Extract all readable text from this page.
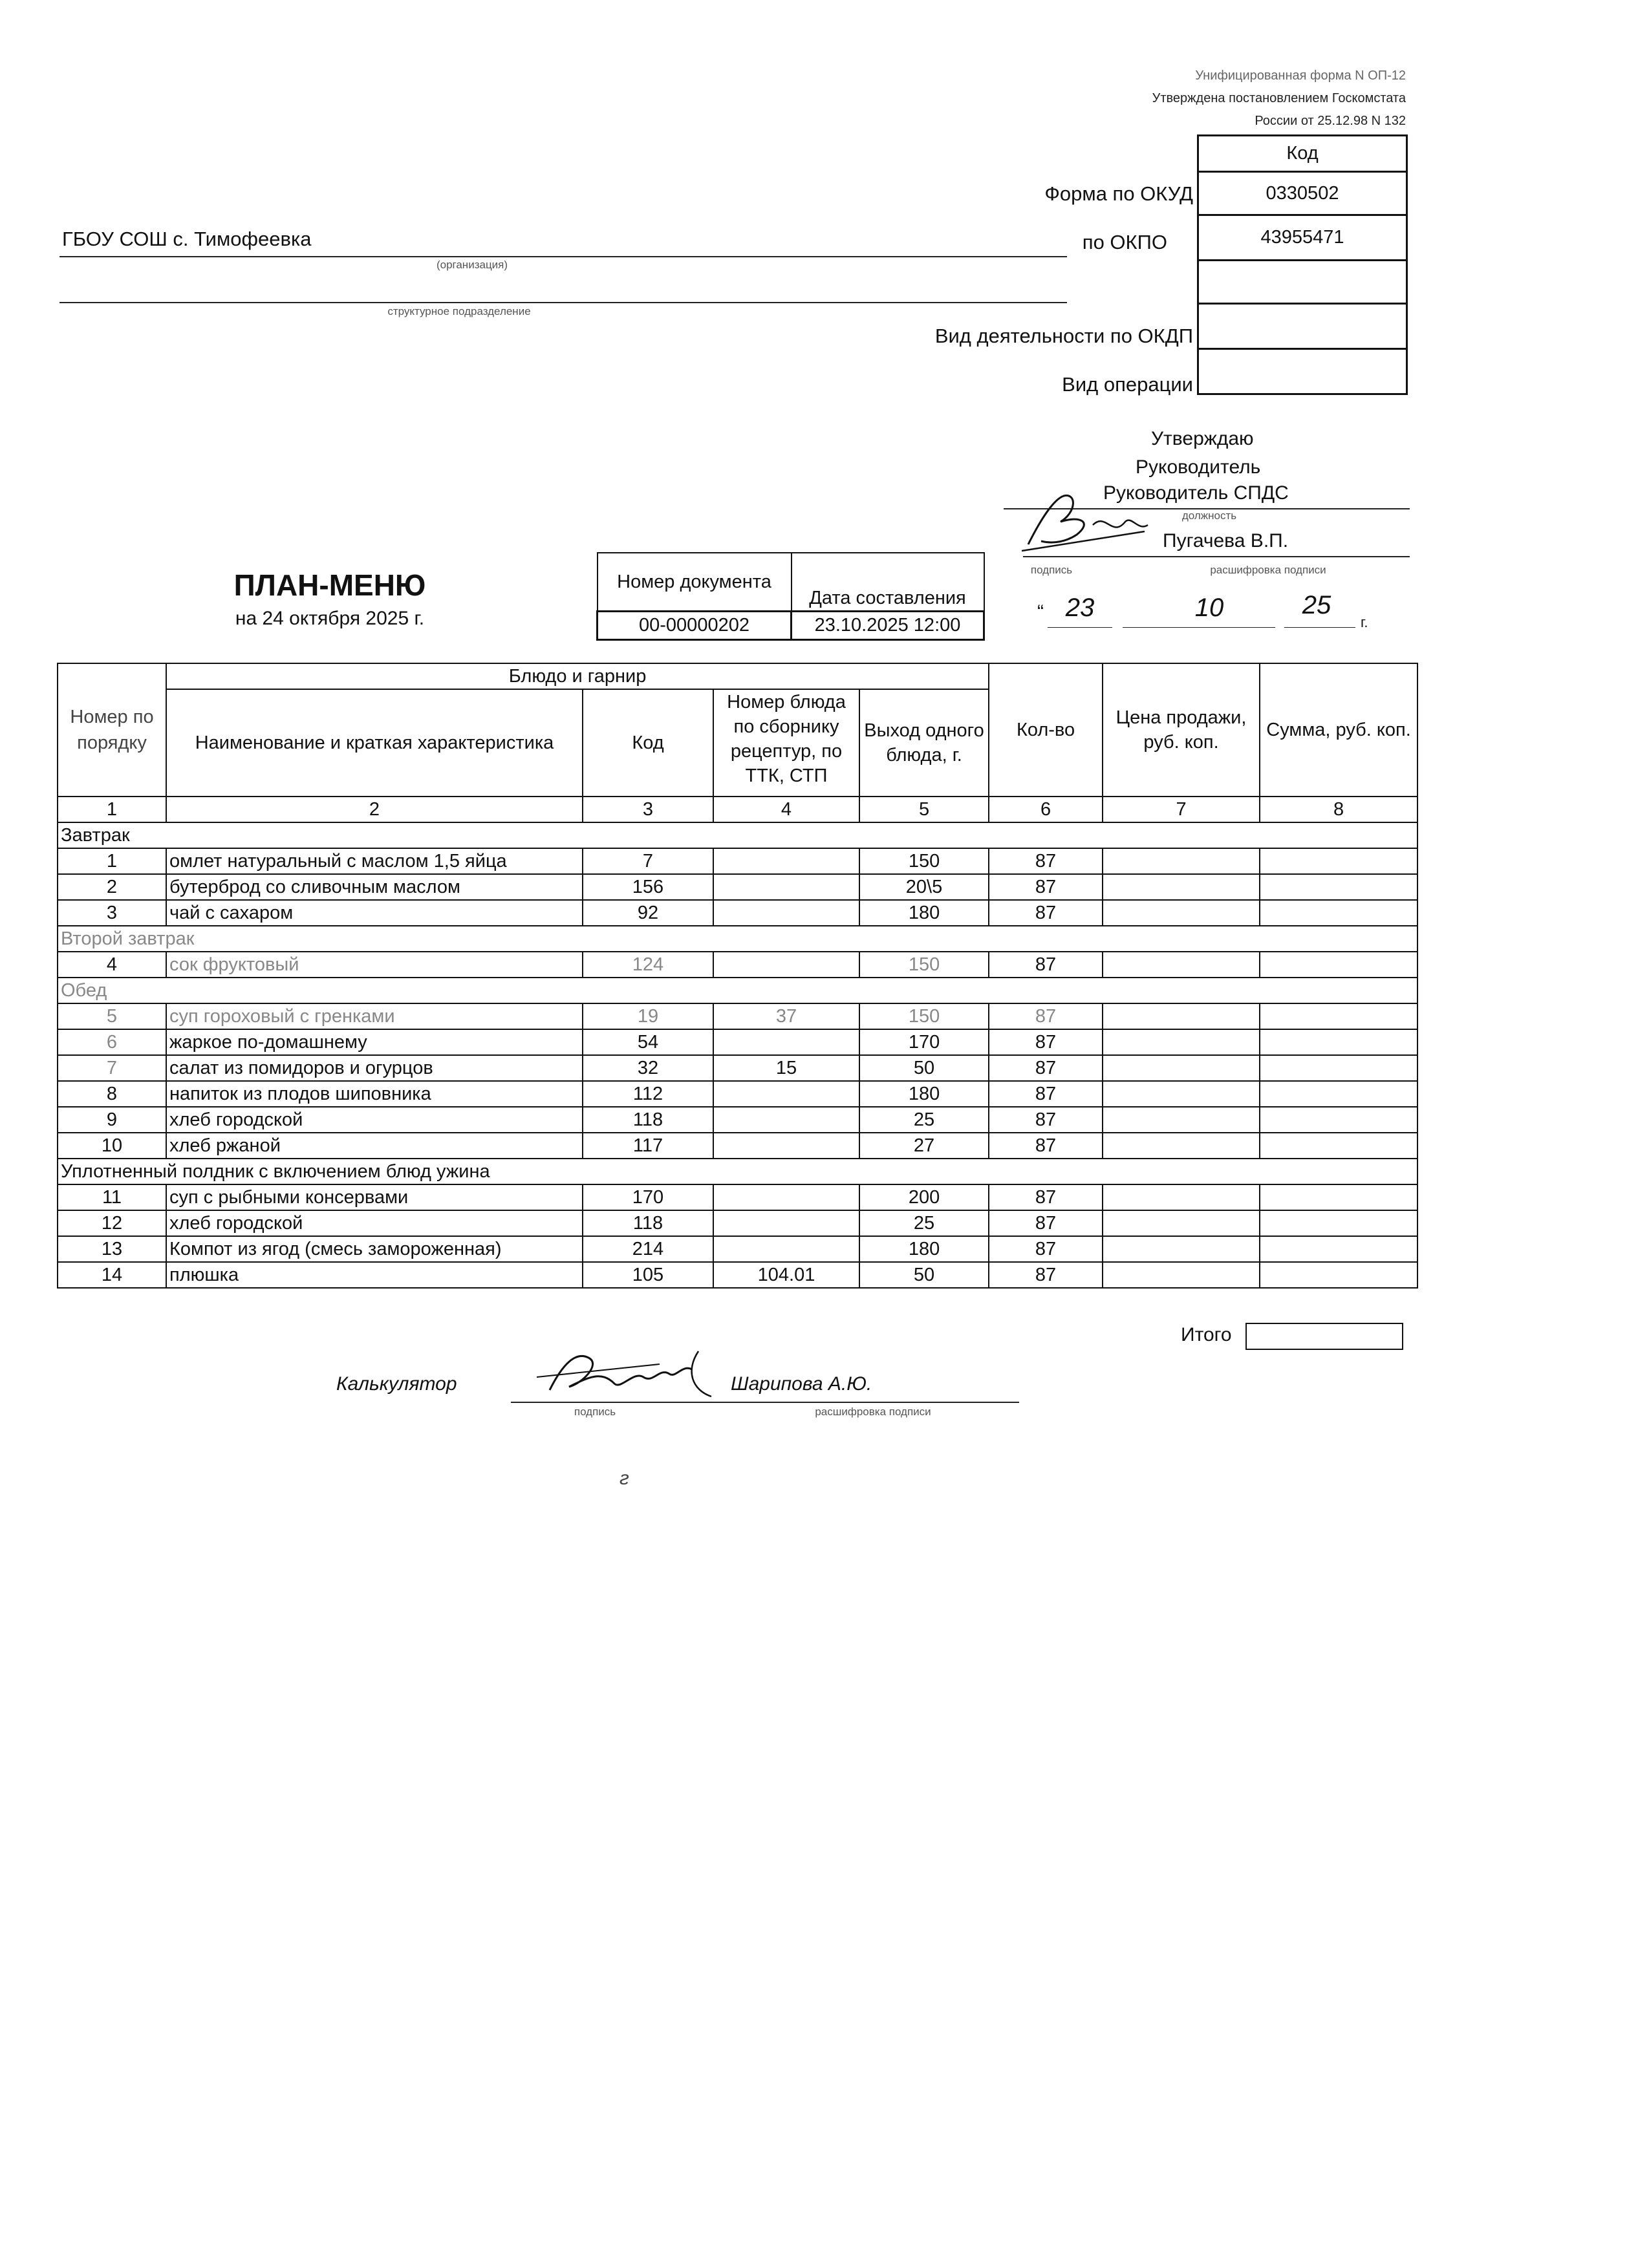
Унифицированная форма N ОП-12
Утверждена постановлением Госкомстата
России от 25.12.98 N 132
Код
0330502
43955471
Форма по ОКУД
по ОКПО
Вид деятельности по ОКДП
Вид операции
ГБОУ СОШ с. Тимофеевка
(организация)
структурное подразделение
Утверждаю
Руководитель
Руководитель СПДС
должность
Пугачева В.П.
подпись	расшифровка подписи
“ 23	10	25
г.
ПЛАН-МЕНЮ
на 24 октября 2025 г.
Номер документа	Дата составления
00-00000202	23.10.2025 12:00
Номер по порядку	Блюдо и гарнир				Кол-во	Цена продажи, руб. коп.	Сумма, руб. коп.
	Наименование и краткая характеристика	Код	Номер блюда по сборнику рецептур, по ТТК, СТП	Выход одного блюда, г.			
1	2	3	4	5	6	7	8
Завтрак							
1	омлет натуральный с маслом 1,5 яйца	7		150	87		
2	бутерброд со сливочным маслом	156		20\5	87		
3	чай с сахаром	92		180	87		
Второй завтрак							
4	сок фруктовый	124		150	87		
Обед							
5	суп гороховый с гренками	19	37	150	87		
6	жаркое по-домашнему	54		170	87		
7	салат из помидоров и огурцов	32	15	50	87		
8	напиток из плодов шиповника	112		180	87		
9	хлеб городской	118		25	87		
10	хлеб ржаной	117		27	87		
Уплотненный полдник с включением блюд ужина							
11	суп с рыбными консервами	170		200	87		
12	хлеб городской	118		25	87		
13	Компот из ягод (смесь замороженная)	214		180	87		
14	плюшка	105	104.01	50	87		
Итого
Калькулятор	Шарипова А.Ю.
подпись	расшифровка подписи
г
